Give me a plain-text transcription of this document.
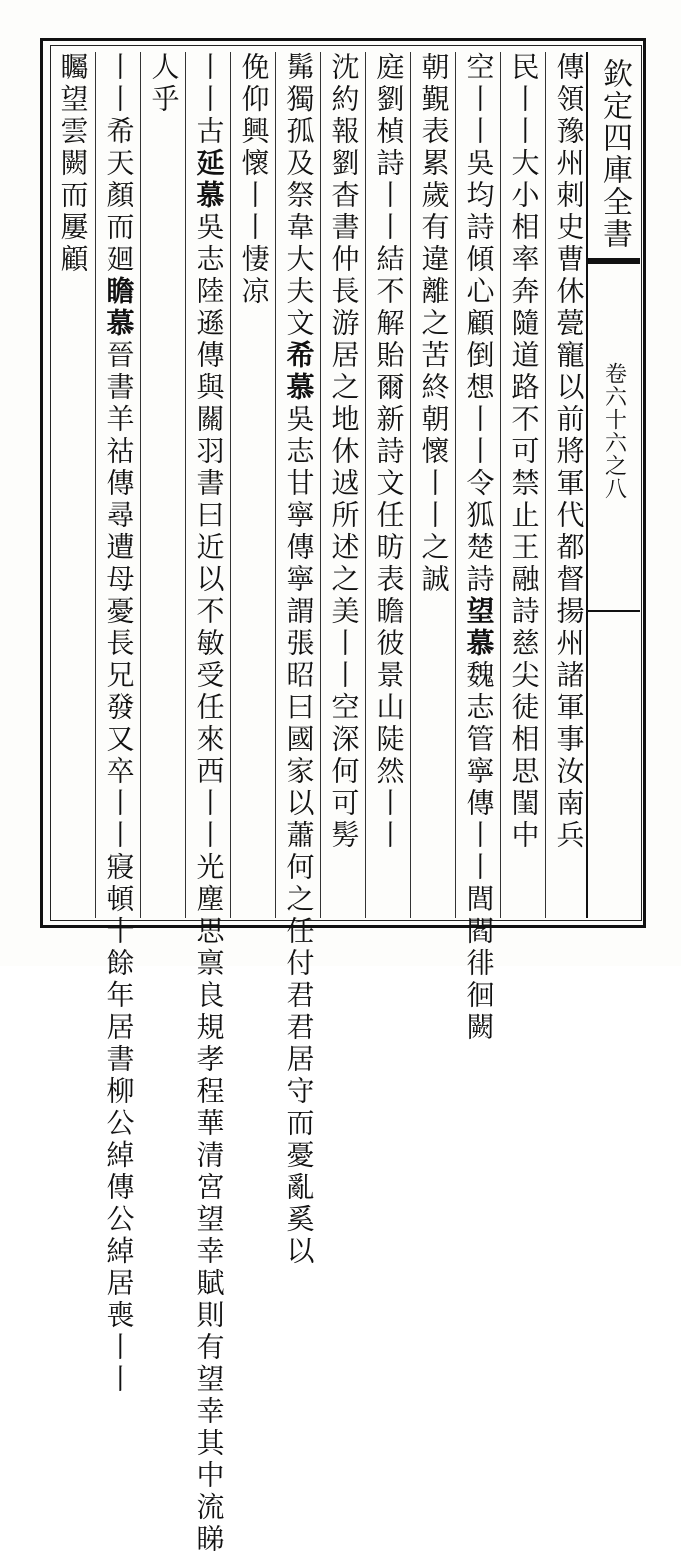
欽定四庫全書
卷六十六之八
傳領豫州刺史曹休甍寵以前將軍代都督揚州諸軍事汝南兵
民丨丨大小相率奔隨道路不可禁止王融詩慈尖徒相思閨中
空丨丨吳均詩傾心顧倒想丨丨令狐楚詩
望慕
魏志管寧傳丨丨閭閻徘徊闕
朝覲表累歲有違離之苦終朝懷丨丨之誠
庭劉楨詩丨丨結不解貽爾新詩文任昉表瞻彼景山陡然丨丨
沈約報劉杳書仲長游居之地休䢕所述之美丨丨空深何可髣
髴獨孤及祭韋大夫文
希慕
吳志甘寧傳寧謂張昭曰國家以蕭何之任付君君居守而憂亂奚以
俛仰興懷丨丨悽凉
丨丨古
延慕
吳志陸遜傳與關羽書曰近以不敏受任來西丨丨光塵思禀良規孝程華清宮望幸賦則有望幸其中流睇
人乎
丨丨希天顏而廻
瞻慕
晉書羊祜傳尋遭母憂長兄發又卒丨丨寢頓十餘年居書柳公綽傳公綽居喪丨丨
矚望雲闕而屢顧
